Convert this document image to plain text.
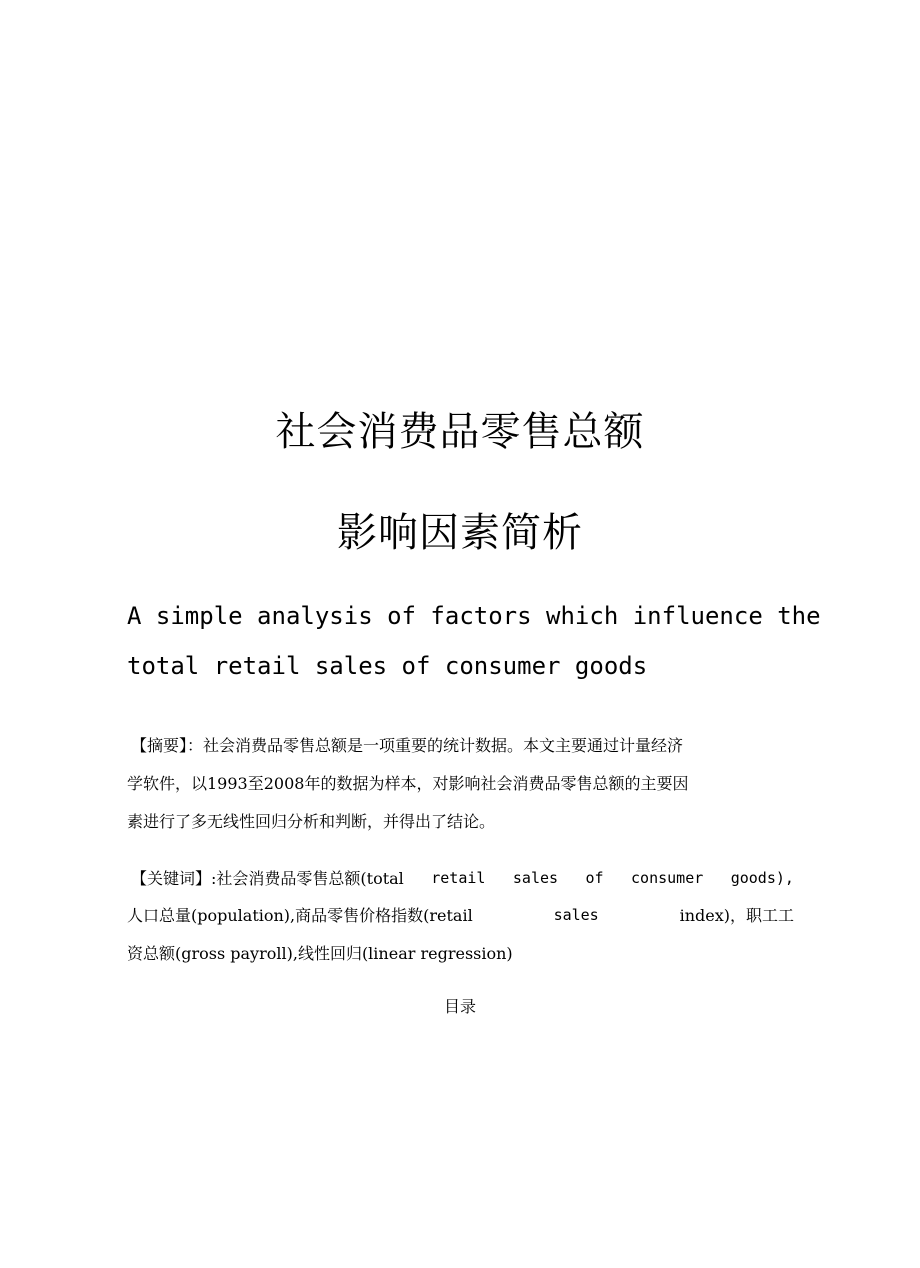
社会消费品零售总额
影响因素简析
A simple analysis of factors which influence the
total retail sales of consumer goods
【摘要】：社会消费品零售总额是一项重要的统计数据。本文主要通过计量经济
学软件，以1993至2008年的数据为样本，对影响社会消费品零售总额的主要因
素进行了多无线性回归分析和判断，并得出了结论。
【关键词】:社会消费品零售总额(total retail sales of consumer goods),
人口总量(population),商品零售价格指数(retail	sales	index)，职工工
资总额(gross payroll),线性回归(linear regression)
目录
